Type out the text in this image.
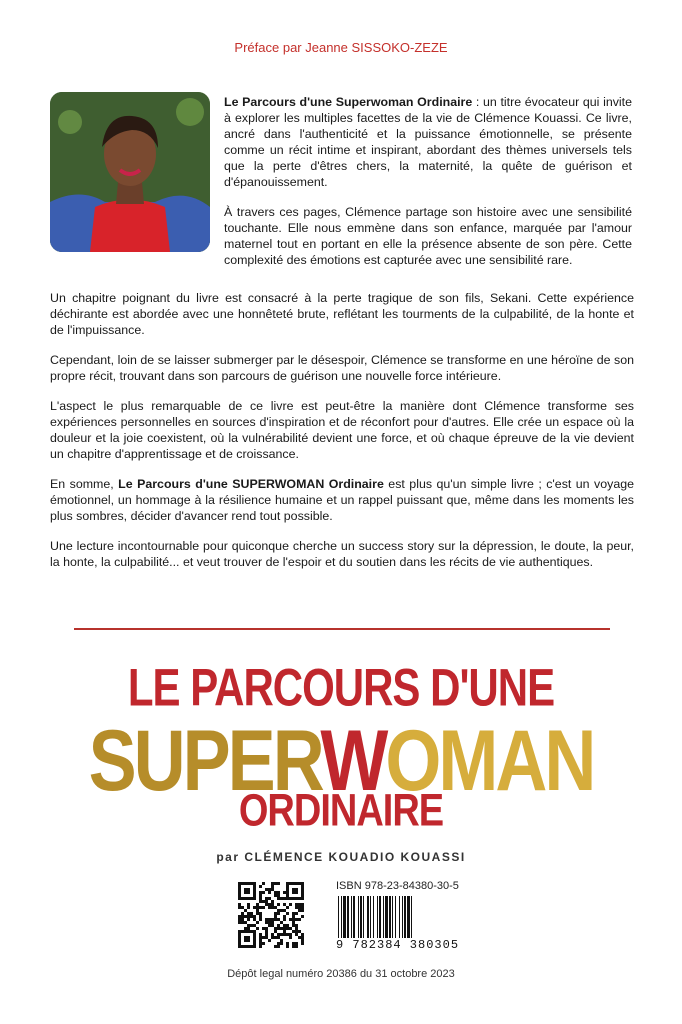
Préface par Jeanne SISSOKO-ZEZE

Le Parcours d'une Superwoman Ordinaire : un titre évocateur qui invite à explorer les multiples facettes de la vie de Clémence Kouassi. Ce livre, ancré dans l'authenticité et la puissance émotionnelle, se présente comme un récit intime et inspirant, abordant des thèmes universels tels que la perte d'êtres chers, la maternité, la quête de guérison et d'épanouissement.

À travers ces pages, Clémence partage son histoire avec une sensibilité touchante. Elle nous emmène dans son enfance, marquée par l'amour maternel tout en portant en elle la présence absente de son père. Cette complexité des émotions est capturée avec une sensibilité rare.

Un chapitre poignant du livre est consacré à la perte tragique de son fils, Sekani. Cette expérience déchirante est abordée avec une honnêteté brute, reflétant les tourments de la culpabilité, de la honte et de l'impuissance.

Cependant, loin de se laisser submerger par le désespoir, Clémence se transforme en une héroïne de son propre récit, trouvant dans son parcours de guérison une nouvelle force intérieure.

L'aspect le plus remarquable de ce livre est peut-être la manière dont Clémence transforme ses expériences personnelles en sources d'inspiration et de réconfort pour d'autres. Elle crée un espace où la douleur et la joie coexistent, où la vulnérabilité devient une force, et où chaque épreuve de la vie devient un chapitre d'apprentissage et de croissance.

En somme, Le Parcours d'une SUPERWOMAN Ordinaire est plus qu'un simple livre ; c'est un voyage émotionnel, un hommage à la résilience humaine et un rappel puissant que, même dans les moments les plus sombres, décider d'avancer rend tout possible.

Une lecture incontournable pour quiconque cherche un success story sur la dépression, le doute, la peur, la honte, la culpabilité... et veut trouver de l'espoir et du soutien dans les récits de vie authentiques.

LE PARCOURS D'UNE
SUPERWOMAN
ORDINAIRE
par CLÉMENCE KOUADIO KOUASSI
ISBN 978-23-84380-30-5
9 782384 380305
Dépôt legal numéro 20386 du 31 octobre 2023
